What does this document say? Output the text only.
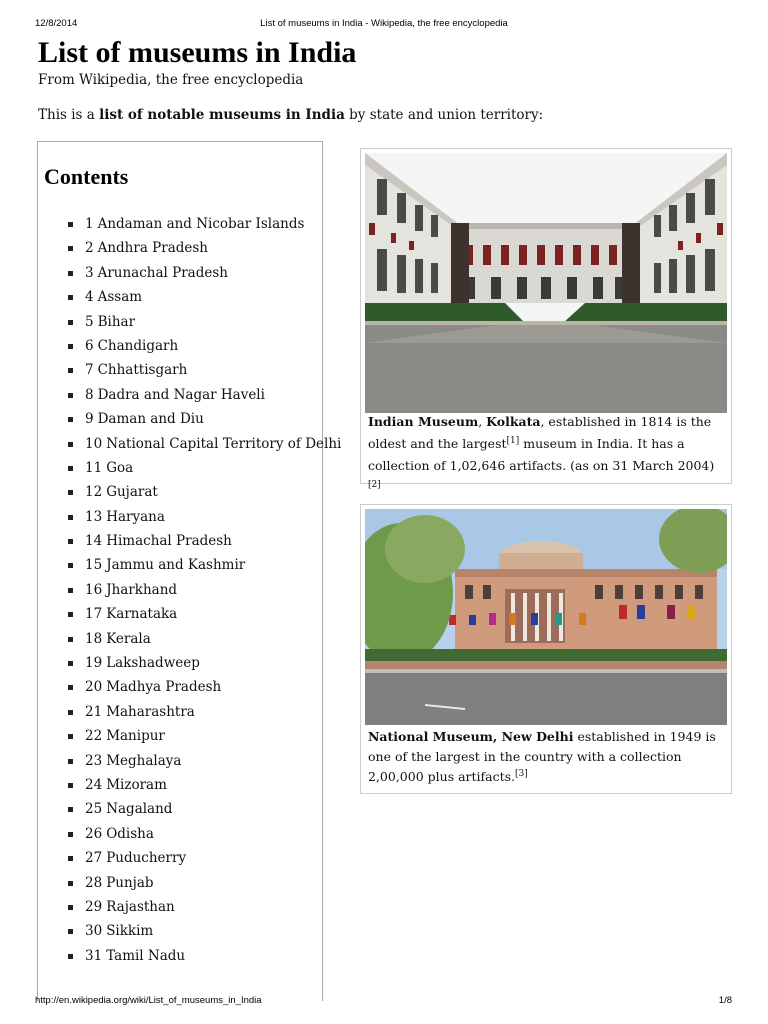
12/8/2014	List of museums in India - Wikipedia, the free encyclopedia
List of museums in India
From Wikipedia, the free encyclopedia
This is a list of notable museums in India by state and union territory:
Contents
1 Andaman and Nicobar Islands
2 Andhra Pradesh
3 Arunachal Pradesh
4 Assam
5 Bihar
6 Chandigarh
7 Chhattisgarh
8 Dadra and Nagar Haveli
9 Daman and Diu
10 National Capital Territory of Delhi
11 Goa
12 Gujarat
13 Haryana
14 Himachal Pradesh
15 Jammu and Kashmir
16 Jharkhand
17 Karnataka
18 Kerala
19 Lakshadweep
20 Madhya Pradesh
21 Maharashtra
22 Manipur
23 Meghalaya
24 Mizoram
25 Nagaland
26 Odisha
27 Puducherry
28 Punjab
29 Rajasthan
30 Sikkim
31 Tamil Nadu
Indian Museum, Kolkata, established in 1814 is the oldest and the largest[1] museum in India. It has a collection of 1,02,646 artifacts. (as on 31 March 2004)[2]
National Museum, New Delhi established in 1949 is one of the largest in the country with a collection 2,00,000 plus artifacts.[3]
http://en.wikipedia.org/wiki/List_of_museums_in_India	1/8
